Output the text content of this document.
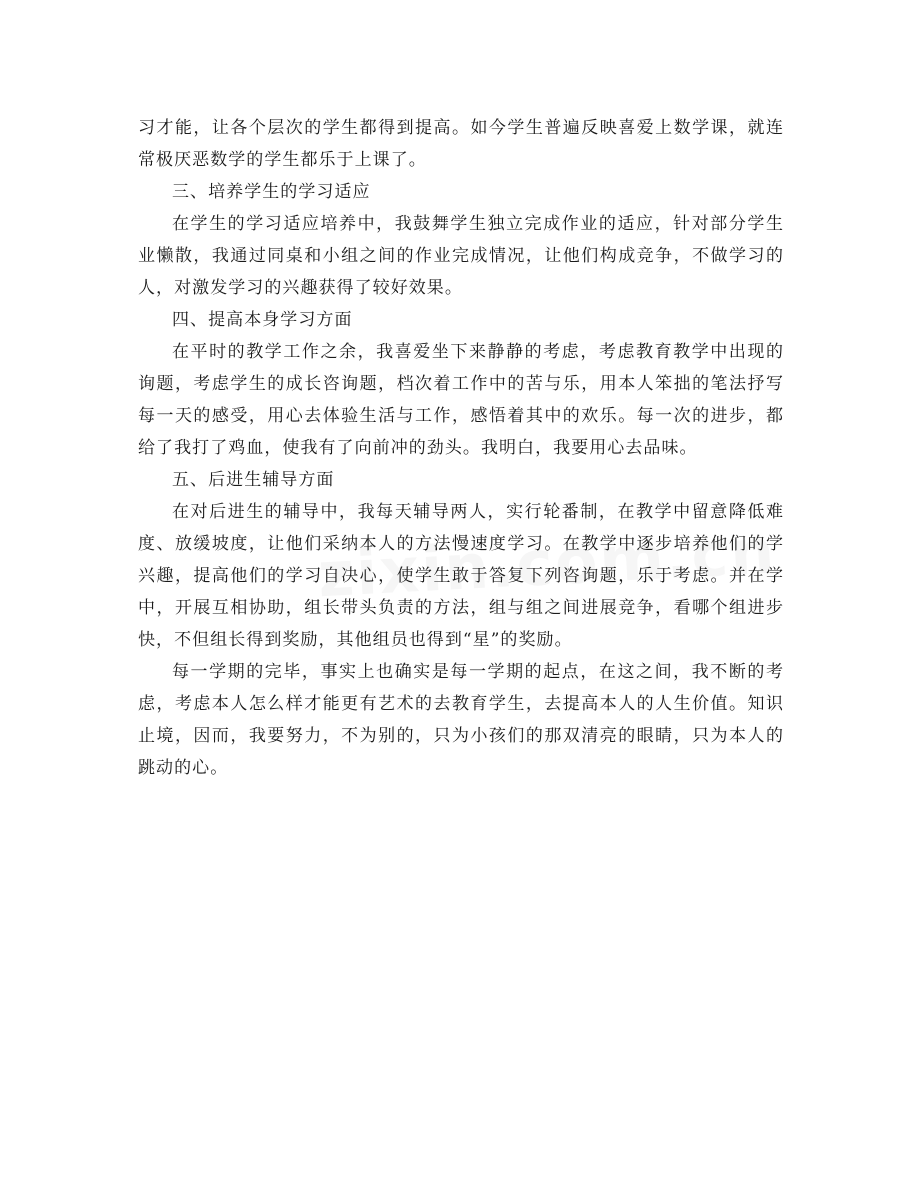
习才能，让各个层次的学生都得到提高。如今学生普遍反映喜爱上数学课，就连
常极厌恶数学的学生都乐于上课了。
三、培养学生的学习适应
在学生的学习适应培养中，我鼓舞学生独立完成作业的适应，针对部分学生
业懒散，我通过同桌和小组之间的作业完成情况，让他们构成竞争，不做学习的
人，对激发学习的兴趣获得了较好效果。
四、提高本身学习方面
在平时的教学工作之余，我喜爱坐下来静静的考虑，考虑教育教学中出现的
询题，考虑学生的成长咨询题，档次着工作中的苦与乐，用本人笨拙的笔法抒写
每一天的感受，用心去体验生活与工作，感悟着其中的欢乐。每一次的进步，都
给了我打了鸡血，使我有了向前冲的劲头。我明白，我要用心去品味。
五、后进生辅导方面
在对后进生的辅导中，我每天辅导两人，实行轮番制，在教学中留意降低难
度、放缓坡度，让他们采纳本人的方法慢速度学习。在教学中逐步培养他们的学
兴趣，提高他们的学习自决心，使学生敢于答复下列咨询题，乐于考虑。并在学
中，开展互相协助，组长带头负责的方法，组与组之间进展竞争，看哪个组进步
快，不但组长得到奖励，其他组员也得到“星”的奖励。
每一学期的完毕，事实上也确实是每一学期的起点，在这之间，我不断的考
虑，考虑本人怎么样才能更有艺术的去教育学生，去提高本人的人生价值。知识
止境，因而，我要努力，不为别的，只为小孩们的那双清亮的眼睛，只为本人的
跳动的心。
